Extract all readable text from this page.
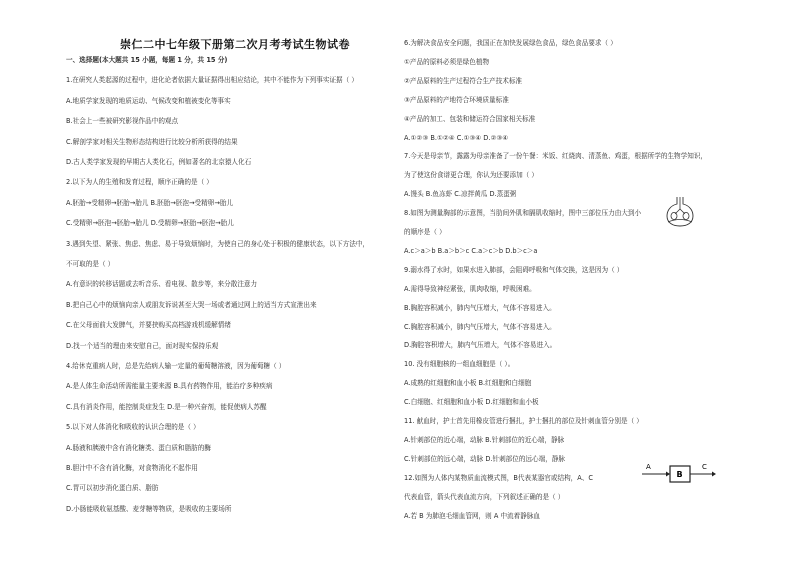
崇仁二中七年级下册第二次月考考试生物试卷
一、选择题(本大题共 15 小题，每题 1 分，共 15 分)
1.在研究人类起源的过程中，进化论者依据大量证据得出相应结论，其中不能作为下列事实证据（ ）
A.地质学家发现的地质运动、气候改变和植被变化等事实
B.社会上一些被研究影视作品中的观点
C.解剖学家对相关生物形态结构进行比较分析所获得的结果
D.古人类学家发现的早期古人类化石，例如著名的北京猿人化石
2.以下为人的生殖和发育过程，顺序正确的是（ ）
A.胚胎→受精卵→胚胎→胎儿 B.胚胎→胚泡→受精卵→胎儿
C.受精卵→胚泡→胚胎→胎儿 D.受精卵→胚胎→胚泡→胎儿
3.遇到失望、紧张、焦虑、焦虑、易于导致烦恼时，为使自己的身心处于积极的健康状态，以下方法中，
不可取的是（ ）
A.有意识的转移话题或去听音乐、看电视、散步等，来分散注意力
B.把自己心中的烦恼向亲人或朋友诉说甚至大哭一场或者通过网上的适当方式宣泄出来
C.在父母面前大发脾气，并要挟购买高档游戏机缓解情绪
D.找一个适当的理由来安慰自己，面对现实保持乐观
4.给休克重病人时，总是先给病人输一定量的葡萄糖溶液，因为葡萄糖（ ）
A.是人体生命活动所需能量主要来源 B.具有药物作用，能治疗多种疾病
C.具有消炎作用，能控制炎症发生 D.是一种兴奋剂，能促使病人苏醒
5.以下对人体消化和吸收的认识合理的是（ ）
A.肠液和胰液中含有消化糖类、蛋白质和脂肪的酶
B.胆汁中不含有消化酶，对食物消化不起作用
C.胃可以初步消化蛋白质、脂肪
D.小肠能吸收氨基酸、麦芽糖等物质，是吸收的主要场所
6.为解决食品安全问题，我国正在加快发展绿色食品，绿色食品要求（ ）
①产品的原料必须是绿色植物
②产品原料的生产过程符合生产技术标准
③产品原料的产地符合环境质量标准
④产品的加工、包装和储运符合国家相关标准
A.①②③ B.①②④ C.①③④ D.②③④
7.今天是母亲节，露露为母亲准备了一份午餐：米饭、红烧肉、清蒸鱼、鸡蛋，根据所学的生物学知识，
为了使这份食谱更合理，你认为还要添加（ ）
A.馒头 B.鱼冻虾 C.凉拌黄瓜 D.蒸蛋粥
8.如图为测量胸部的示意图，当肋间外肌和膈肌收缩时，图中三部位压力由大到小
的顺序是（ ）
A.c＞a＞b B.a＞b＞c C.a＞c＞b D.b＞c＞a
9.溺水得了水时，如果水进入肺部，会阻碍呼吸和气体交换，这是因为（ ）
A.需得导致神经紧张，肌肉收缩，呼吸困难。
B.胸腔容积减小，肺内气压增大，气体不容易进入。
C.胸腔容积减小，肺内气压增大，气体不容易进入。
D.胸腔容积增大，肺内气压增大，气体不容易进入。
10. 没有细胞核的一组血细胞是（ ）。
A.成熟的红细胞和血小板 B.红细胞和白细胞
C.白细胞、红细胞和血小板 D.红细胞和血小板
11. 献血时，护士首先用橡皮管进行捆扎，护士捆扎的部位及针刺血管分别是（ ）
A.针刺部位的近心端，动脉 B.针刺部位的近心端，静脉
C.针刺部位的远心端，动脉 D.针刺部位的远心端，静脉
12.如图为人体内某物质血流模式图，B代表某器官或结构，A、C
代表血管，箭头代表血流方向，下列叙述正确的是（ ）
A.若 B 为肺泡毛细血管网，则 A 中流着静脉血
A
B
C
